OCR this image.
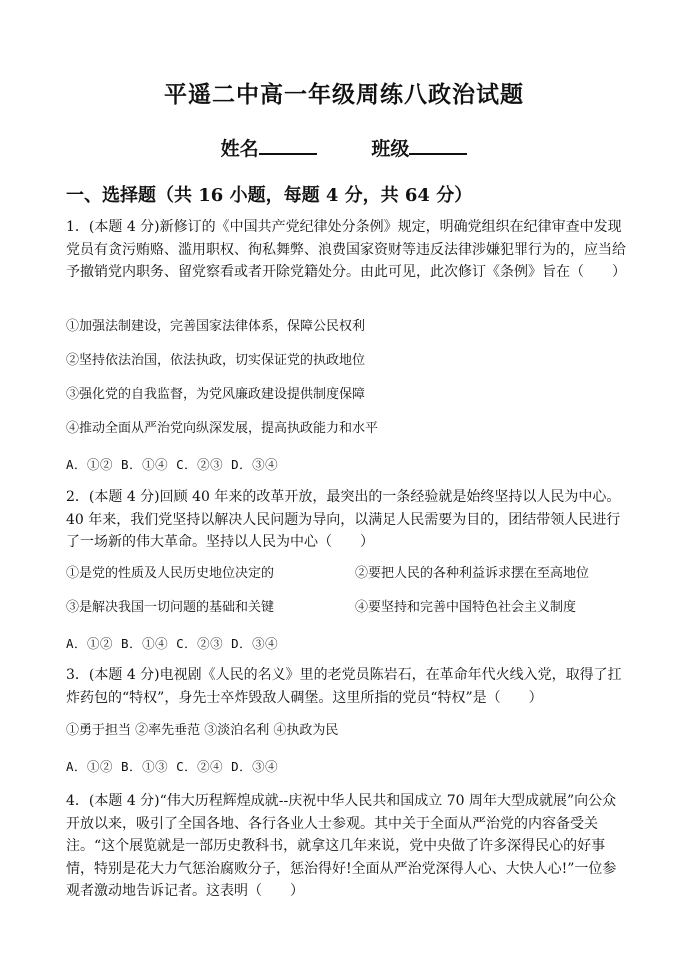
平遥二中高一年级周练八政治试题
姓名	班级
一、选择题（共 16 小题，每题 4 分，共 64 分）
1．(本题 4 分)新修订的《中国共产党纪律处分条例》规定，明确党组织在纪律审查中发现党员有贪污贿赂、滥用职权、徇私舞弊、浪费国家资财等违反法律涉嫌犯罪行为的，应当给予撤销党内职务、留党察看或者开除党籍处分。由此可见，此次修订《条例》旨在（　　）
①加强法制建设，完善国家法律体系，保障公民权利
②坚持依法治国，依法执政，切实保证党的执政地位
③强化党的自我监督，为党风廉政建设提供制度保障
④推动全面从严治党向纵深发展，提高执政能力和水平
A．①② B．①④ C．②③ D．③④
2．(本题 4 分)回顾 40 年来的改革开放，最突出的一条经验就是始终坚持以人民为中心。40 年来，我们党坚持以解决人民问题为导向，以满足人民需要为目的，团结带领人民进行了一场新的伟大革命。坚持以人民为中心（　　）
①是党的性质及人民历史地位决定的	②要把人民的各种利益诉求摆在至高地位
③是解决我国一切问题的基础和关键	④要坚持和完善中国特色社会主义制度
A．①② B．①④ C．②③ D．③④
3．(本题 4 分)电视剧《人民的名义》里的老党员陈岩石，在革命年代火线入党，取得了扛炸药包的“特权”，身先士卒炸毁敌人碉堡。这里所指的党员“特权”是（　　）
①勇于担当 ②率先垂范 ③淡泊名利 ④执政为民
A．①② B．①③ C．②④ D．③④
4．(本题 4 分)“伟大历程辉煌成就--庆祝中华人民共和国成立 70 周年大型成就展”向公众开放以来，吸引了全国各地、各行各业人士参观。其中关于全面从严治党的内容备受关注。“这个展览就是一部历史教科书，就拿这几年来说，党中央做了许多深得民心的好事情，特别是花大力气惩治腐败分子，惩治得好!全面从严治党深得人心、大快人心!”一位参观者激动地告诉记者。这表明（　　）
